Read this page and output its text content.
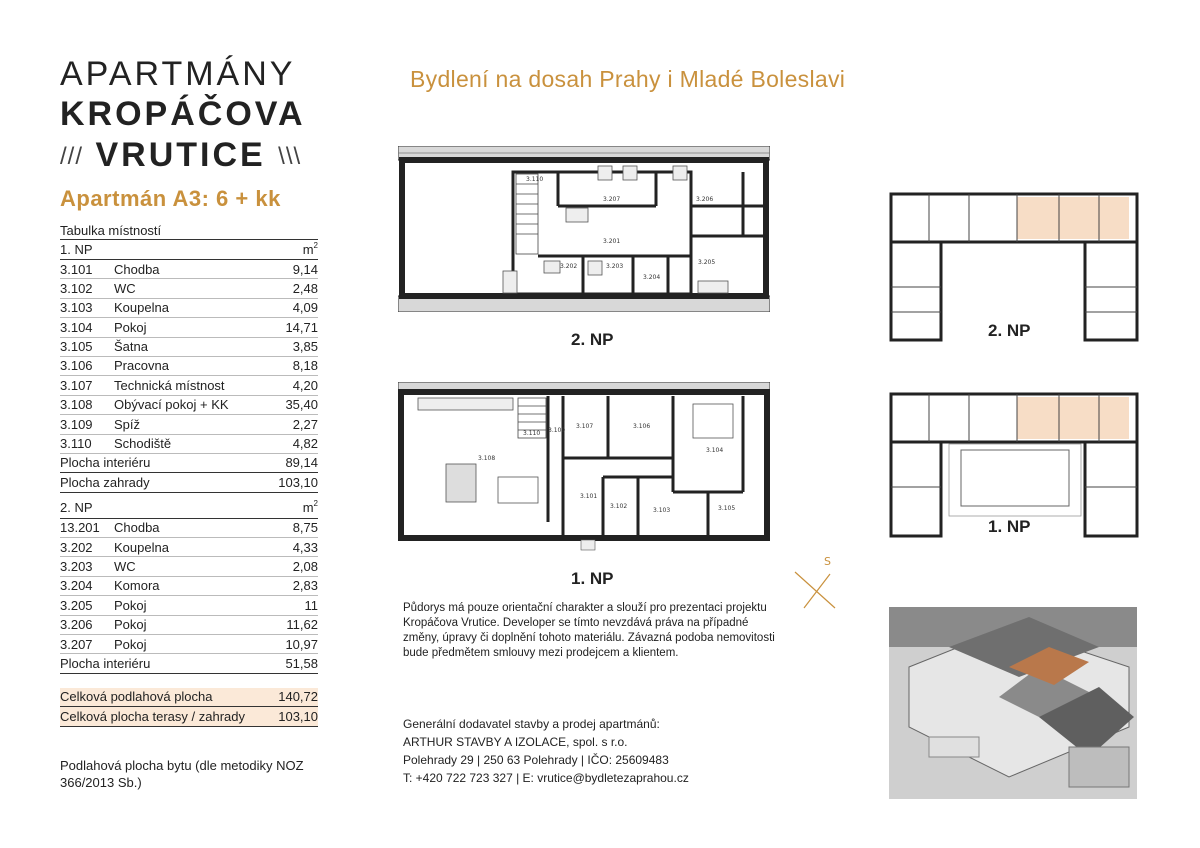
APARTMÁNY
KROPÁČOVA
/// VRUTICE \\\
Apartmán A3: 6 + kk
Tabulka místností
1. NP	$m^2$
3.101	Chodba	9,14
3.102	WC	2,48
3.103	Koupelna	4,09
3.104	Pokoj	14,71
3.105	Šatna	3,85
3.106	Pracovna	8,18
3.107	Technická místnost	4,20
3.108	Obývací pokoj + KK	35,40
3.109	Spíž	2,27
3.110	Schodiště	4,82
Plocha interiéru	89,14
Plocha zahrady	103,10
2. NP	$m^2$
13.201	Chodba	8,75
3.202	Koupelna	4,33
3.203	WC	2,08
3.204	Komora	2,83
3.205	Pokoj	11
3.206	Pokoj	11,62
3.207	Pokoj	10,97
Plocha interiéru	51,58
Celková podlahová plocha	140,72
Celková plocha terasy / zahrady	103,10
Podlahová plocha bytu (dle metodiky NOZ 366/2013 Sb.)
Bydlení na dosah Prahy i Mladé Boleslavi
3.110
3.207	3.206
3.201
3.202	3.203
3.204
3.205
2. NP
3.108
3.110 3.109
3.107	3.106
3.104
3.101
3.102
3.103	3.105
1. NP
Půdorys má pouze orientační charakter a slouží pro prezentaci projektu Kropáčova Vrutice. Developer se tímto nevzdává práva na případné změny, úpravy či doplnění tohoto materiálu. Závazná podoba nemovitosti bude předmětem smlouvy mezi prodejcem a klientem.
Generální dodavatel stavby a prodej apartmánů:
ARTHUR STAVBY A IZOLACE, spol. s r.o.
Polehrady 29 | 250 63 Polehrady | IČO: 25609483
T: +420 722 723 327 | E: vrutice@bydletezaprahou.cz
S
2. NP
1. NP
